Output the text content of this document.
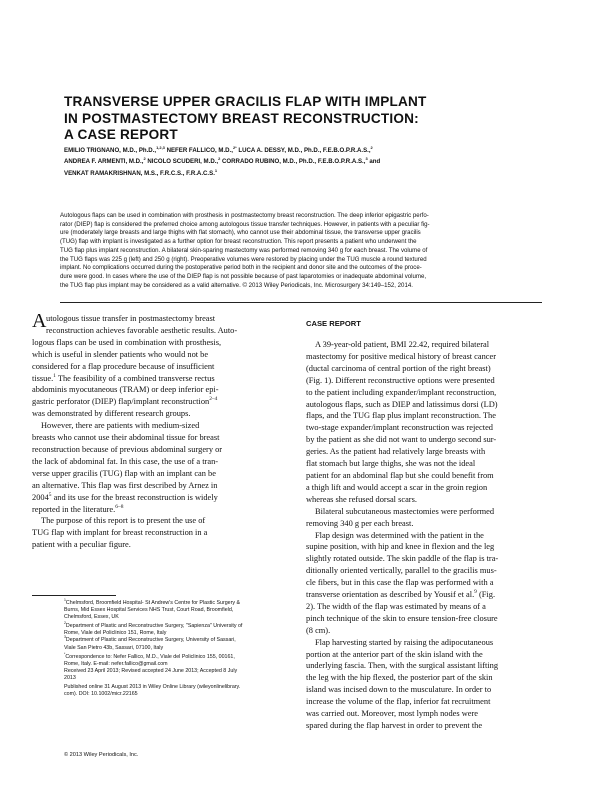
TRANSVERSE UPPER GRACILIS FLAP WITH IMPLANT
IN POSTMASTECTOMY BREAST RECONSTRUCTION:
A CASE REPORT
EMILIO TRIGNANO, M.D., Ph.D.,$^{1,2,3}$ NEFER FALLICO, M.D.,$^{2*}$ LUCA A. DESSY, M.D., Ph.D., F.E.B.O.P.R.A.S.,$^2$
ANDREA F. ARMENTI, M.D.,$^2$ NICOLO SCUDERI, M.D.,$^2$ CORRADO RUBINO, M.D., Ph.D., F.E.B.O.P.R.A.S.,$^3$ and
VENKAT RAMAKRISHNAN, M.S., F.R.C.S., F.R.A.C.S.$^1$
Autologous flaps can be used in combination with prosthesis in postmastectomy breast reconstruction. The deep inferior epigastric perfo-
rator (DIEP) flap is considered the preferred choice among autologous tissue transfer techniques. However, in patients with a peculiar fig-
ure (moderately large breasts and large thighs with flat stomach), who cannot use their abdominal tissue, the transverse upper gracilis
(TUG) flap with implant is investigated as a further option for breast reconstruction. This report presents a patient who underwent the
TUG flap plus implant reconstruction. A bilateral skin-sparing mastectomy was performed removing 340 g for each breast. The volume of
the TUG flaps was 225 g (left) and 250 g (right). Preoperative volumes were restored by placing under the TUG muscle a round textured
implant. No complications occurred during the postoperative period both in the recipient and donor site and the outcomes of the proce-
dure were good. In cases where the use of the DIEP flap is not possible because of past laparotomies or inadequate abdominal volume,
the TUG flap plus implant may be considered as a valid alternative. © 2013 Wiley Periodicals, Inc. Microsurgery 34:149–152, 2014.
A utologous tissue transfer in postmastectomy breast
reconstruction achieves favorable aesthetic results. Auto-
logous flaps can be used in combination with prosthesis,
which is useful in slender patients who would not be
considered for a flap procedure because of insufficient
tissue.$^1$ The feasibility of a combined transverse rectus
abdominis myocutaneous (TRAM) or deep inferior epi-
gastric perforator (DIEP) flap/implant reconstruction$^{2-4}$
was demonstrated by different research groups.
However, there are patients with medium-sized
breasts who cannot use their abdominal tissue for breast
reconstruction because of previous abdominal surgery or
the lack of abdominal fat. In this case, the use of a tran-
verse upper gracilis (TUG) flap with an implant can be
an alternative. This flap was first described by Arnez in
2004$^5$ and its use for the breast reconstruction is widely
reported in the literature.$^{6-8}$
The purpose of this report is to present the use of
TUG flap with implant for breast reconstruction in a
patient with a peculiar figure.
$^1$Chelmsford, Broomfield Hospital- St Andrew's Centre for Plastic Surgery &
Burns, Mid Essex Hospital Services NHS Trust, Court Road, Broomfield,
Chelmsford, Essex, UK
$^2$Department of Plastic and Reconstructive Surgery, "Sapienza" University of
Rome, Viale del Policlinico 151, Rome, Italy
$^3$Department of Plastic and Reconstructive Surgery, University of Sassari,
Viale San Pietro 43b, Sassari, 07100, Italy
*Correspondence to: Nefer Fallico, M.D., Viale del Policlinico 155, 00161,
Rome, Italy. E-mail: nefer.fallico@gmail.com
Received 23 April 2013; Revised accepted 24 June 2013; Accepted 8 July
2013
Published online 31 August 2013 in Wiley Online Library (wileyonlinelibrary.
com). DOI: 10.1002/micr.22165
© 2013 Wiley Periodicals, Inc.
CASE REPORT
A 39-year-old patient, BMI 22.42, required bilateral
mastectomy for positive medical history of breast cancer
(ductal carcinoma of central portion of the right breast)
(Fig. 1). Different reconstructive options were presented
to the patient including expander/implant reconstruction,
autologous flaps, such as DIEP and latissimus dorsi (LD)
flaps, and the TUG flap plus implant reconstruction. The
two-stage expander/implant reconstruction was rejected
by the patient as she did not want to undergo second sur-
geries. As the patient had relatively large breasts with
flat stomach but large thighs, she was not the ideal
patient for an abdominal flap but she could benefit from
a thigh lift and would accept a scar in the groin region
whereas she refused dorsal scars.
Bilateral subcutaneous mastectomies were performed
removing 340 g per each breast.
Flap design was determined with the patient in the
supine position, with hip and knee in flexion and the leg
slightly rotated outside. The skin paddle of the flap is tra-
ditionally oriented vertically, parallel to the gracilis mus-
cle fibers, but in this case the flap was performed with a
transverse orientation as described by Yousif et al.$^9$ (Fig.
2). The width of the flap was estimated by means of a
pinch technique of the skin to ensure tension-free closure
(8 cm).
Flap harvesting started by raising the adipocutaneous
portion at the anterior part of the skin island with the
underlying fascia. Then, with the surgical assistant lifting
the leg with the hip flexed, the posterior part of the skin
island was incised down to the musculature. In order to
increase the volume of the flap, inferior fat recruitment
was carried out. Moreover, most lymph nodes were
spared during the flap harvest in order to prevent the
